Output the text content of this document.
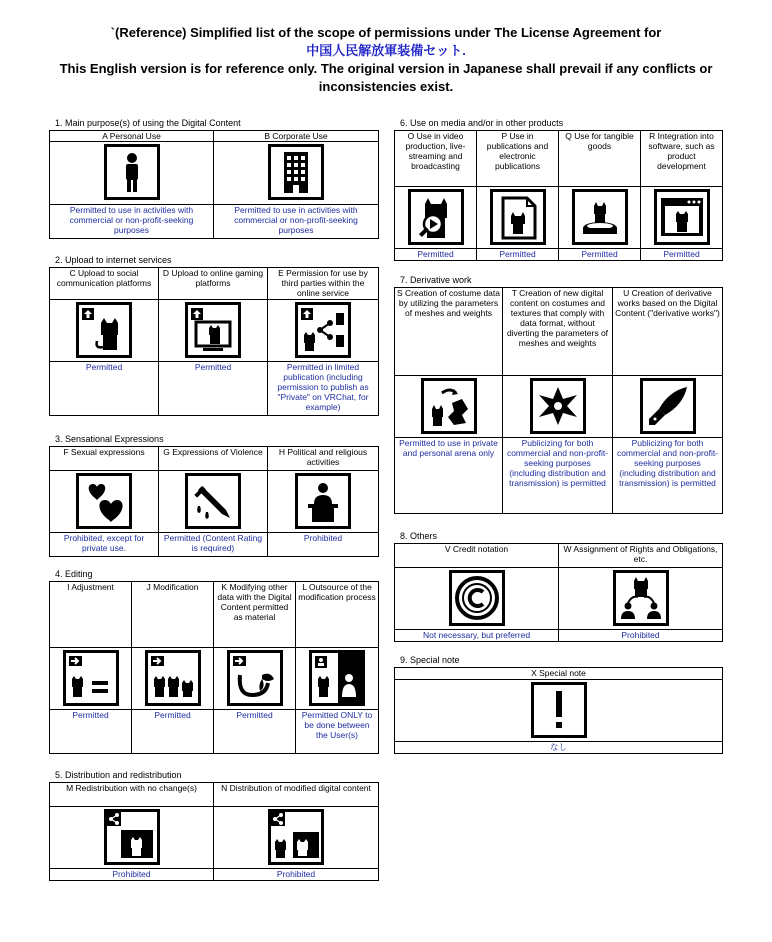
`(Reference) Simplified list of the scope of permissions under The License Agreement for
中国人民解放軍装備セット.
This English version is for reference only. The original version in Japanese shall prevail if any conflicts or
inconsistencies exist.
1. Main purpose(s) of using the Digital Content
A Personal Use	B Corporate Use

Permitted to use in activities with commercial or non-profit-seeking purposes	Permitted to use in activities with commercial or non-profit-seeking purposes
2. Upload to internet services
C Upload to social communication platforms	D Upload to online gaming platforms	E Permission for use by third parties within the online service

Permitted	Permitted	Permitted in limited publication (including permission to publish as "Private" on VRChat, for example)
3. Sensational Expressions
F Sexual expressions	G Expressions of Violence	H Political and religious activities

Prohibited, except for private use.	Permitted (Content Rating is required)	Prohibited
4. Editing
I Adjustment	J Modification	K Modifying other data with the Digital Content permitted as material	L Outsource of the modification process

Permitted	Permitted	Permitted	Permitted ONLY to be done between the User(s)
5. Distribution and redistribution
M Redistribution with no change(s)	N Distribution of modified digital content

Prohibited	Prohibited
6. Use on media and/or in other products
O Use in video production, live-streaming and broadcasting	P Use in publications and electronic publications	Q Use for tangible goods	R Integration into software, such as product development

Permitted	Permitted	Permitted	Permitted
7. Derivative work
S Creation of costume data by utilizing the parameters of meshes and weights	T Creation of new digital content on costumes and textures that comply with data format, without diverting the parameters of meshes and weights	U Creation of derivative works based on the Digital Content ("derivative works")

Permitted to use in private and personal arena only	Publicizing for both commercial and non-profit-seeking purposes (including distribution and transmission) is permitted	Publicizing for both commercial and non-profit-seeking purposes (including distribution and transmission) is permitted
8. Others
V Credit notation	W Assignment of Rights and Obligations, etc.

Not necessary, but preferred	Prohibited
9. Special note
X Special note

なし
